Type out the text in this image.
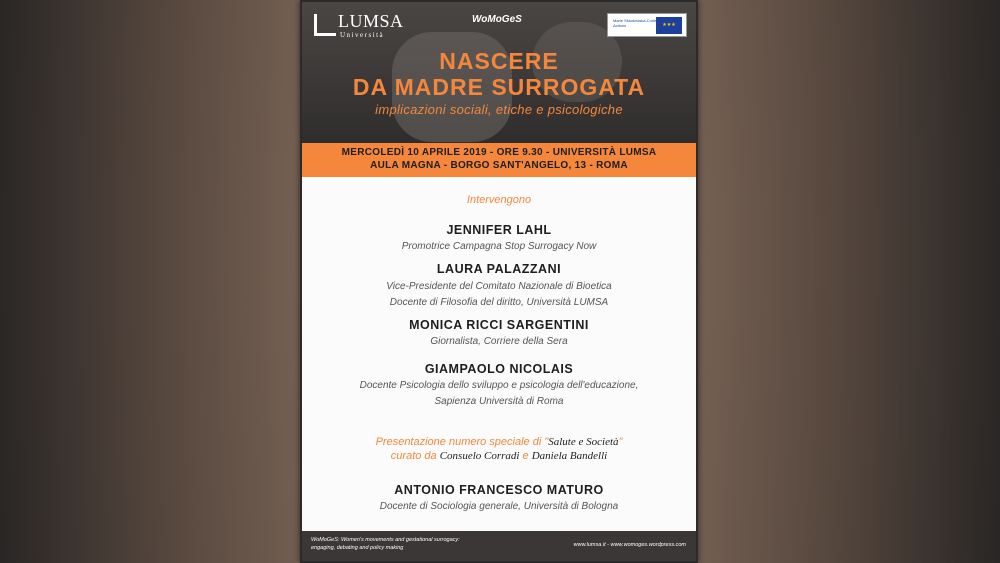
LUMSA
Università
WoMoGeS	Marie Skłodowska-Curie Actions	★★★
NASCERE
DA MADRE SURROGATA
implicazioni sociali, etiche e psicologiche
MERCOLEDÌ 10 APRILE 2019 - ORE 9.30 - UNIVERSITÀ LUMSA
AULA MAGNA - BORGO SANT'ANGELO, 13 - ROMA
Intervengono
JENNIFER LAHL
Promotrice Campagna Stop Surrogacy Now
LAURA PALAZZANI
Vice-Presidente del Comitato Nazionale di Bioetica
Docente di Filosofia del diritto, Università LUMSA
MONICA RICCI SARGENTINI
Giornalista, Corriere della Sera
GIAMPAOLO NICOLAIS
Docente Psicologia dello sviluppo e psicologia dell'educazione,
Sapienza Università di Roma
Presentazione numero speciale di "Salute e Società"
curato da Consuelo Corradi e Daniela Bandelli
ANTONIO FRANCESCO MATURO
Docente di Sociologia generale, Università di Bologna
WoMoGeS: Women's movements and gestational surrogacy: engaging, debating and policy making	www.lumsa.it - www.womoges.wordpress.com
